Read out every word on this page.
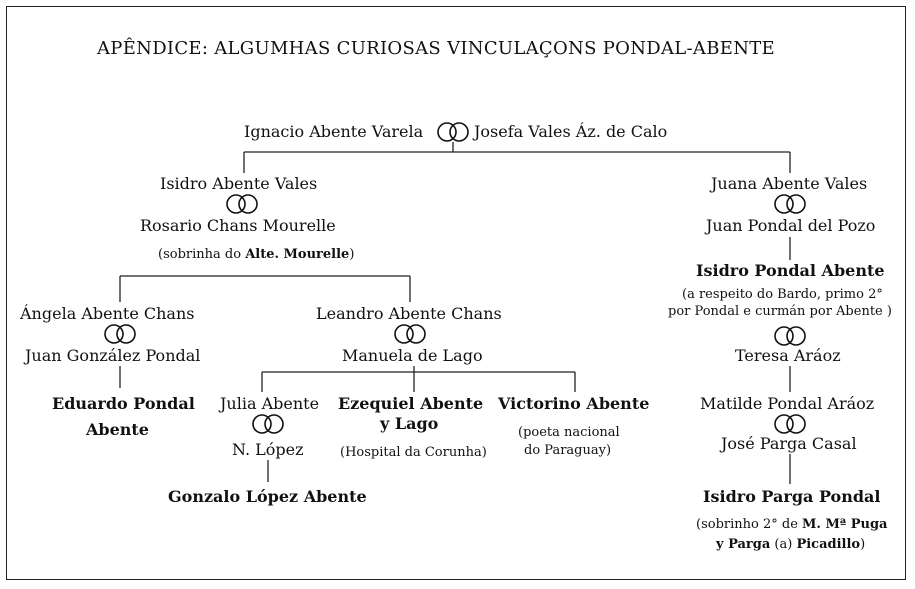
APÊNDICE: ALGUMHAS CURIOSAS VINCULAÇONS PONDAL-ABENTE
Ignacio Abente Varela	Josefa Vales Áz. de Calo
Isidro Abente Vales
Rosario Chans Mourelle
(sobrinha do Alte. Mourelle)
Ángela Abente Chans
Juan González Pondal
Eduardo Pondal
Abente
Leandro Abente Chans
Manuela de Lago
Julia Abente
N. López
Gonzalo López Abente
Ezequiel Abente
y Lago
(Hospital da Corunha)
Victorino Abente
(poeta nacional
do Paraguay)
Juana Abente Vales
Juan Pondal del Pozo
Isidro Pondal Abente
(a respeito do Bardo, primo 2°
por Pondal e curmán por Abente )
Teresa Aráoz
Matilde Pondal Aráoz
José Parga Casal
Isidro Parga Pondal
(sobrinho 2° de M. Mª Puga
y Parga (a) Picadillo)
